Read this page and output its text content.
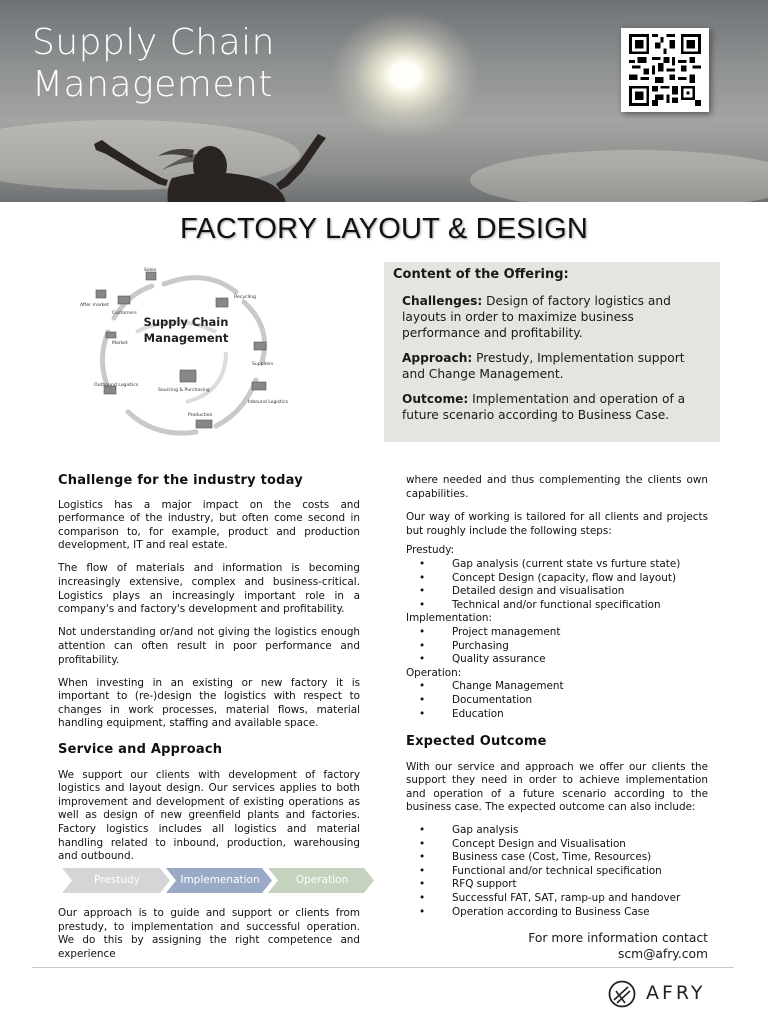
Supply Chain
Management
FACTORY LAYOUT & DESIGN
Supply Chain
Management
Sales
After market
Customers
Market
Recycling
Suppliers
Outbound Logistics
Sourcing & Purchasing
Inbound Logistics
Production
Content of the Offering:

Challenges: Design of factory logistics and layouts in order to maximize business performance and profitability.

Approach: Prestudy, Implementation support and Change Management.

Outcome: Implementation and operation of a future scenario according to Business Case.

Challenge for the industry today

Logistics has a major impact on the costs and performance of the industry, but often come second in comparison to, for example, product and production development, IT and real estate.

The flow of materials and information is becoming increasingly extensive, complex and business-critical. Logistics plays an increasingly important role in a company's and factory's development and profitability.

Not understanding or/and not giving the logistics enough attention can often result in poor performance and profitability.

When investing in an existing or new factory it is important to (re-)design the logistics with respect to changes in work processes, material flows, material handling equipment, staffing and available space.

Service and Approach

We support our clients with development of factory logistics and layout design. Our services applies to both improvement and development of existing operations as well as design of new greenfield plants and factories. Factory logistics includes all logistics and material handling related to inbound, production, warehousing and outbound.

Prestudy	Implemenation	Operation

Our approach is to guide and support or clients from prestudy, to implementation and successful operation. We do this by assigning the right competence and experience

where needed and thus complementing the clients own capabilities.

Our way of working is tailored for all clients and projects but roughly include the following steps:

Prestudy:
•	Gap analysis (current state vs furture state)
•	Concept Design (capacity, flow and layout)
•	Detailed design and visualisation
•	Technical and/or functional specification
Implementation:
•	Project management
•	Purchasing
•	Quality assurance
Operation:
•	Change Management
•	Documentation
•	Education
Expected Outcome

With our service and approach we offer our clients the support they need in order to achieve implementation and operation of a future scenario according to the business case. The expected outcome can also include:

•	Gap analysis
•	Concept Design and Visualisation
•	Business case (Cost, Time, Resources)
•	Functional and/or technical specification
•	RFQ support
•	Successful FAT, SAT, ramp-up and handover
•	Operation according to Business Case
For more information contact
scm@afry.com
AFRY
